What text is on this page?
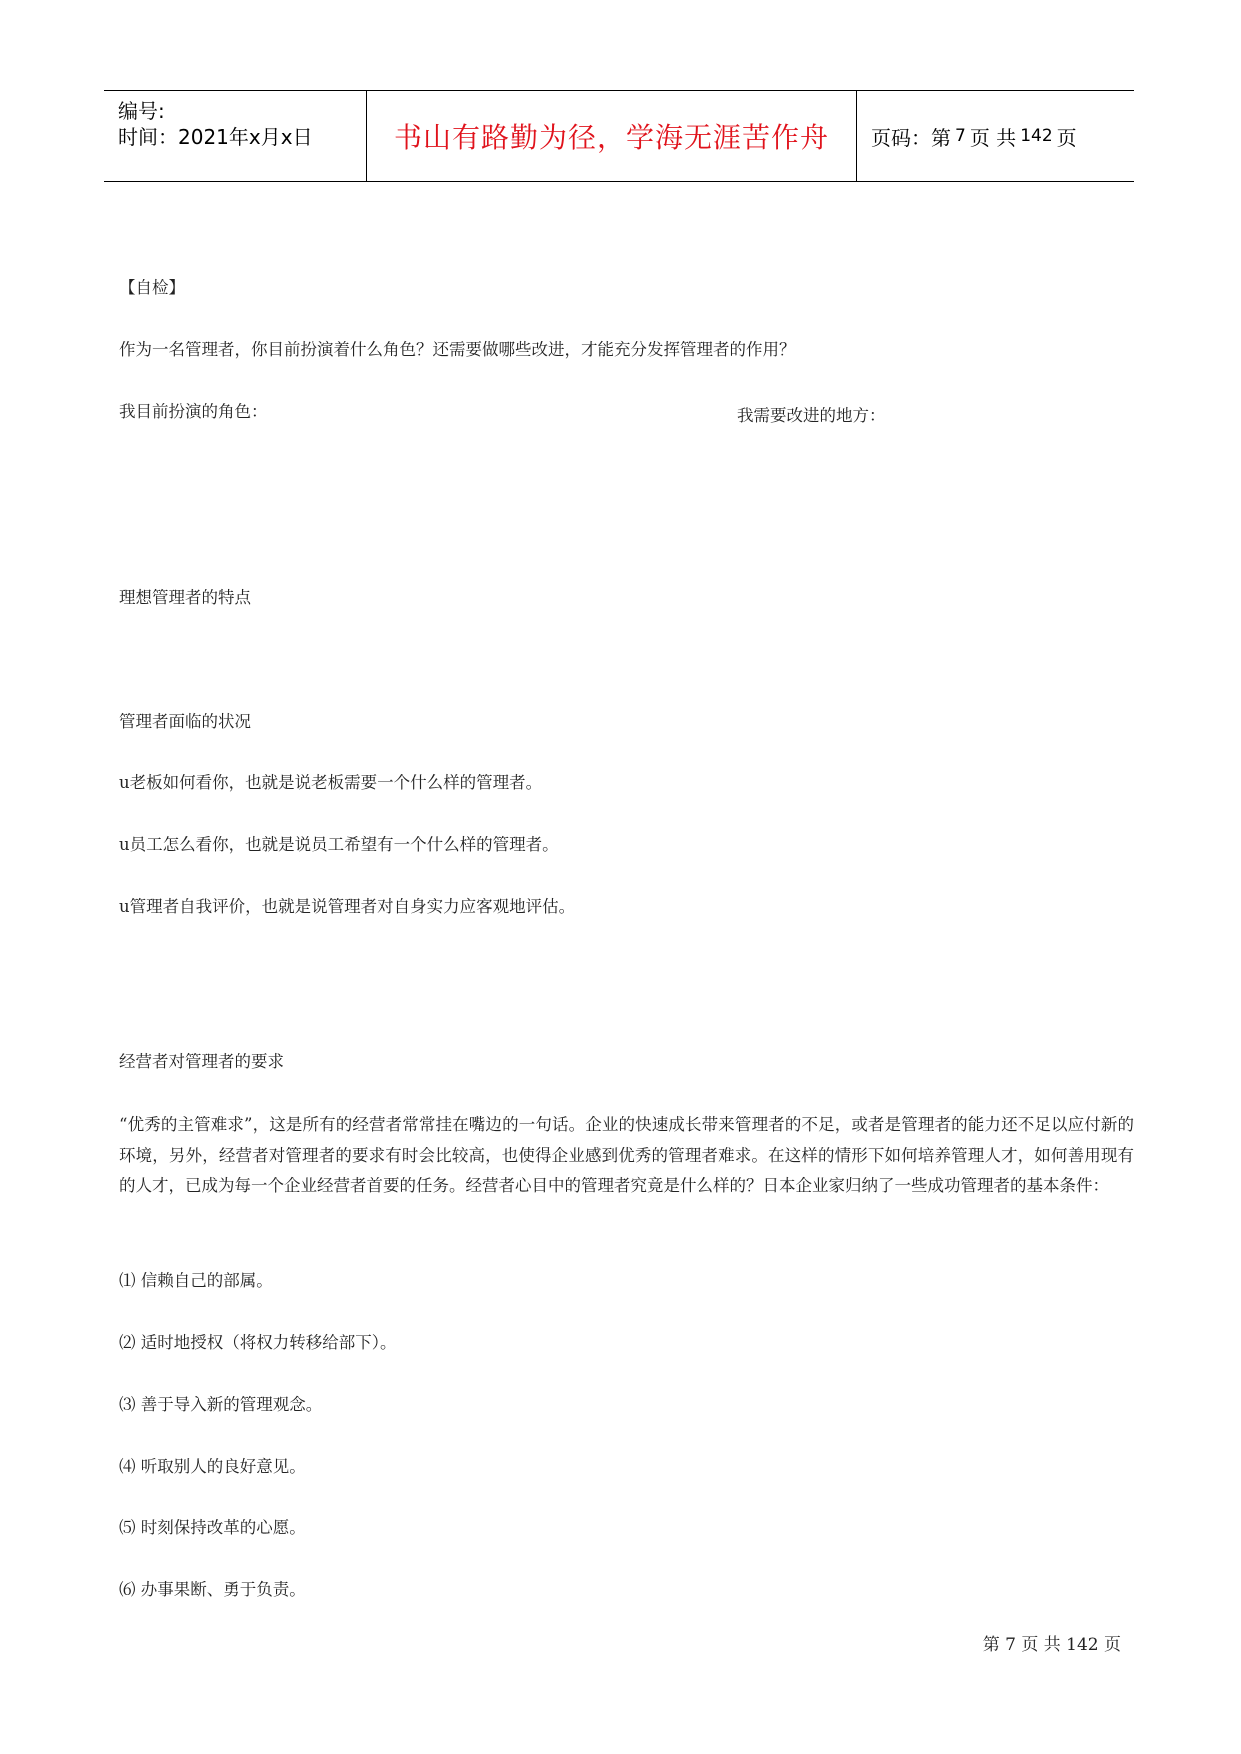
编号:
时间：2021年x月x日	书山有路勤为径，学海无涯苦作舟 页码：第 7 页 共 142 页
【自检】
作为一名管理者，你目前扮演着什么角色？还需要做哪些改进，才能充分发挥管理者的作用？
我目前扮演的角色：	我需要改进的地方：
理想管理者的特点
管理者面临的状况
u老板如何看你，也就是说老板需要一个什么样的管理者。
u员工怎么看你，也就是说员工希望有一个什么样的管理者。
u管理者自我评价，也就是说管理者对自身实力应客观地评估。
经营者对管理者的要求
“优秀的主管难求”，这是所有的经营者常常挂在嘴边的一句话。企业的快速成长带来管理者的不足，或者是管理者的能力还不足以应付新的环境，另外，经营者对管理者的要求有时会比较高，也使得企业感到优秀的管理者难求。在这样的情形下如何培养管理人才，如何善用现有的人才，已成为每一个企业经营者首要的任务。经营者心目中的管理者究竟是什么样的？日本企业家归纳了一些成功管理者的基本条件：
⑴ 信赖自己的部属。
⑵ 适时地授权（将权力转移给部下）。
⑶ 善于导入新的管理观念。
⑷ 听取别人的良好意见。
⑸ 时刻保持改革的心愿。
⑹ 办事果断、勇于负责。
第 7 页 共 142 页
